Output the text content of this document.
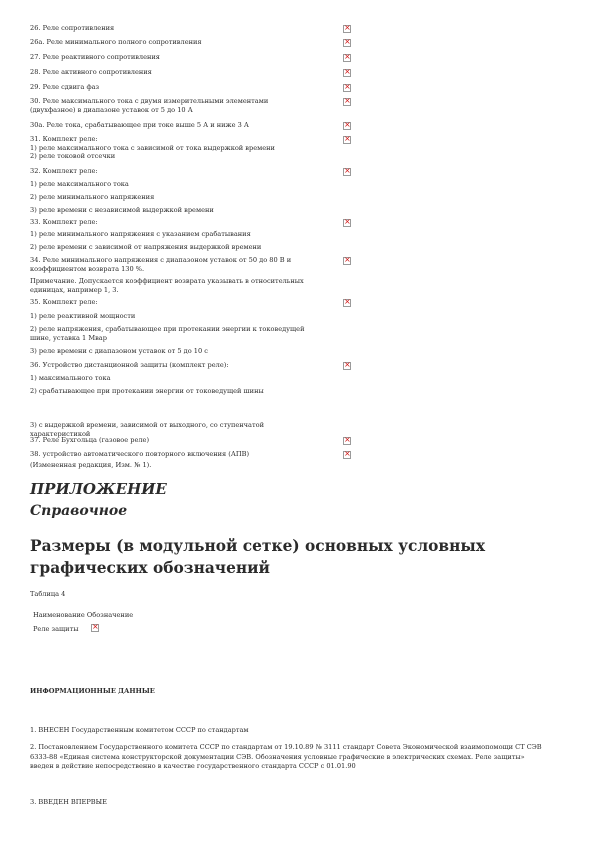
26. Реле сопротивления
×
26а. Реле минимального полного сопротивления
×
27. Реле реактивного сопротивления
×
28. Реле активного сопротивления
×
29. Реле сдвига фаз
×
30. Реле максимального тока с двумя измерительными элементами
(двухфазное) в диапазоне уставок от 5 до 10 А
×
30а. Реле тока, срабатывающее при токе выше 5 А и ниже 3 А
×
31. Комплект реле:
1) реле максимального тока с зависимой от тока выдержкой времени
2) реле токовой отсечки
×
32. Комплект реле:
×
1) реле максимального тока
2) реле минимального напряжения
3) реле времени с независимой выдержкой времени
33. Комплект реле:
×
1) реле минимального напряжения с указанием срабатывания
2) реле времени с зависимой от напряжения выдержкой времени
34. Реле минимального напряжения с диапазоном уставок от 50 до 80 В и
коэффициентом возврата 130 %.
×
Примечание. Допускается коэффициент возврата указывать в относительных
единицах, например 1, 3.
35. Комплект реле:
×
1) реле реактивной мощности
2) реле напряжения, срабатывающее при протекании энергии к токоведущей
шине, уставка 1 Мвар
3) реле времени с диапазоном уставок от 5 до 10 с
36. Устройство дистанционной защиты (комплект реле):
×
1) максимального тока
2) срабатывающее при протекании энергии от токоведущей шины
3) с выдержкой времени, зависимой от выходного, со ступенчатой
характеристикой
37. Реле Бухгольца (газовое реле)
×
38. устройство автоматического повторного включения (АПВ)
×
(Измененная редакция, Изм. № 1).
ПРИЛОЖЕНИЕ
Справочное
Размеры (в модульной сетке) основных условных графических обозначений
Таблица 4
Наименование Обозначение
Реле защиты
×
ИНФОРМАЦИОННЫЕ ДАННЫЕ
1. ВНЕСЕН Государственным комитетом СССР по стандартам
2. Постановлением Государственного комитета СССР по стандартам от 19.10.89 № 3111 стандарт Совета Экономической взаимопомощи СТ СЭВ 6333-88 «Единая система конструкторской документации СЭВ. Обозначения условные графические в электрических схемах. Реле защиты» введен в действие непосредственно в качестве государственного стандарта СССР с 01.01.90
3. ВВЕДЕН ВПЕРВЫЕ
